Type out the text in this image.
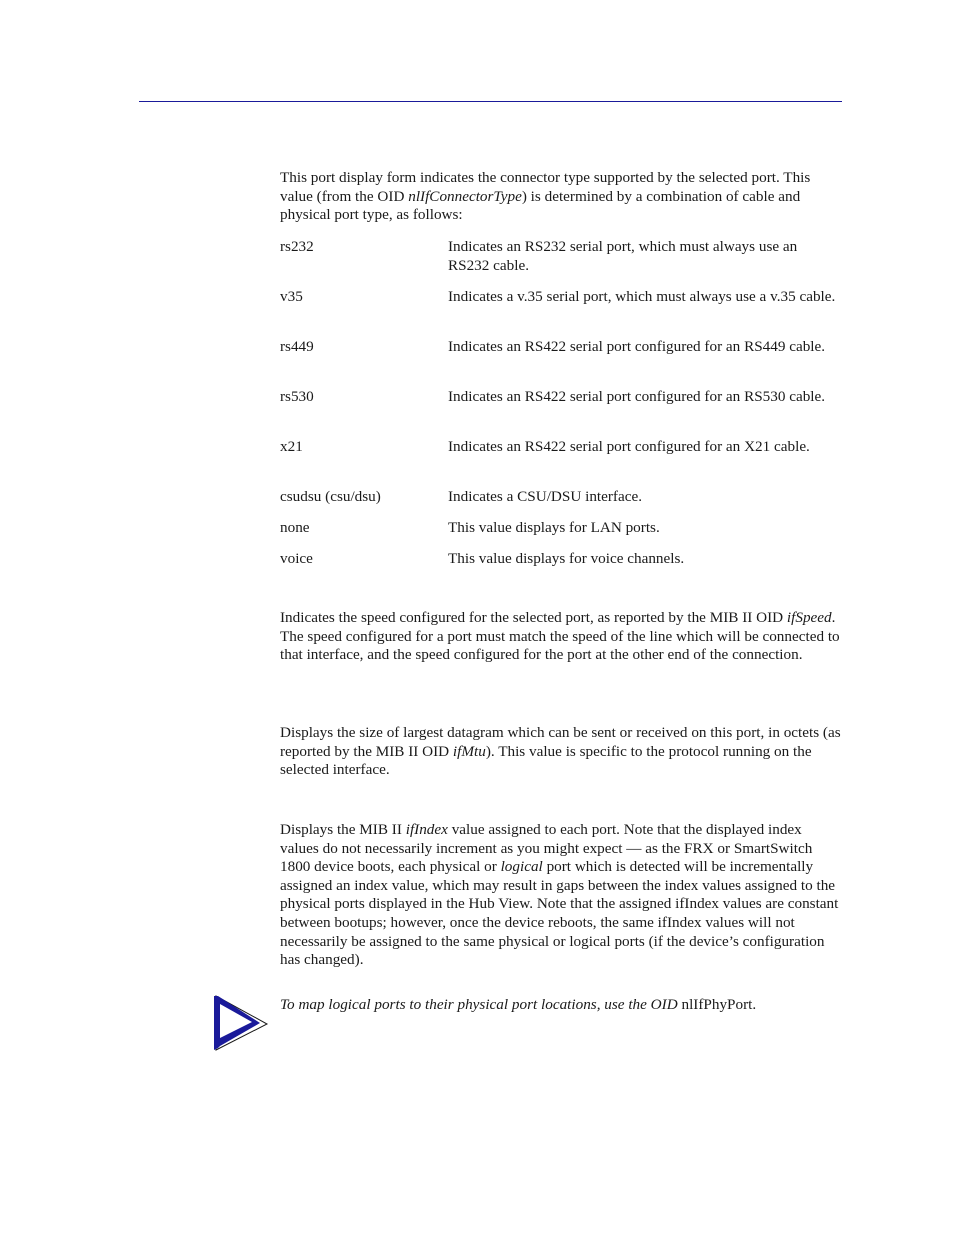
This port display form indicates the connector type supported by the selected port. This value (from the OID nlIfConnectorType) is determined by a combination of cable and physical port type, as follows:

rs232	Indicates an RS232 serial port, which must always use an RS232 cable.
v35	Indicates a v.35 serial port, which must always use a v.35 cable.
rs449	Indicates an RS422 serial port configured for an RS449 cable.
rs530	Indicates an RS422 serial port configured for an RS530 cable.
x21	Indicates an RS422 serial port configured for an X21 cable.
csudsu (csu/dsu)	Indicates a CSU/DSU interface.
none	This value displays for LAN ports.
voice	This value displays for voice channels.

Indicates the speed configured for the selected port, as reported by the MIB II OID ifSpeed. The speed configured for a port must match the speed of the line which will be connected to that interface, and the speed configured for the port at the other end of the connection.

Displays the size of largest datagram which can be sent or received on this port, in octets (as reported by the MIB II OID ifMtu). This value is specific to the protocol running on the selected interface.

Displays the MIB II ifIndex value assigned to each port. Note that the displayed index values do not necessarily increment as you might expect — as the FRX or SmartSwitch 1800 device boots, each physical or logical port which is detected will be incrementally assigned an index value, which may result in gaps between the index values assigned to the physical ports displayed in the Hub View. Note that the assigned ifIndex values are constant between bootups; however, once the device reboots, the same ifIndex values will not necessarily be assigned to the same physical or logical ports (if the device’s configuration has changed).

To map logical ports to their physical port locations, use the OID nlIfPhyPort.
